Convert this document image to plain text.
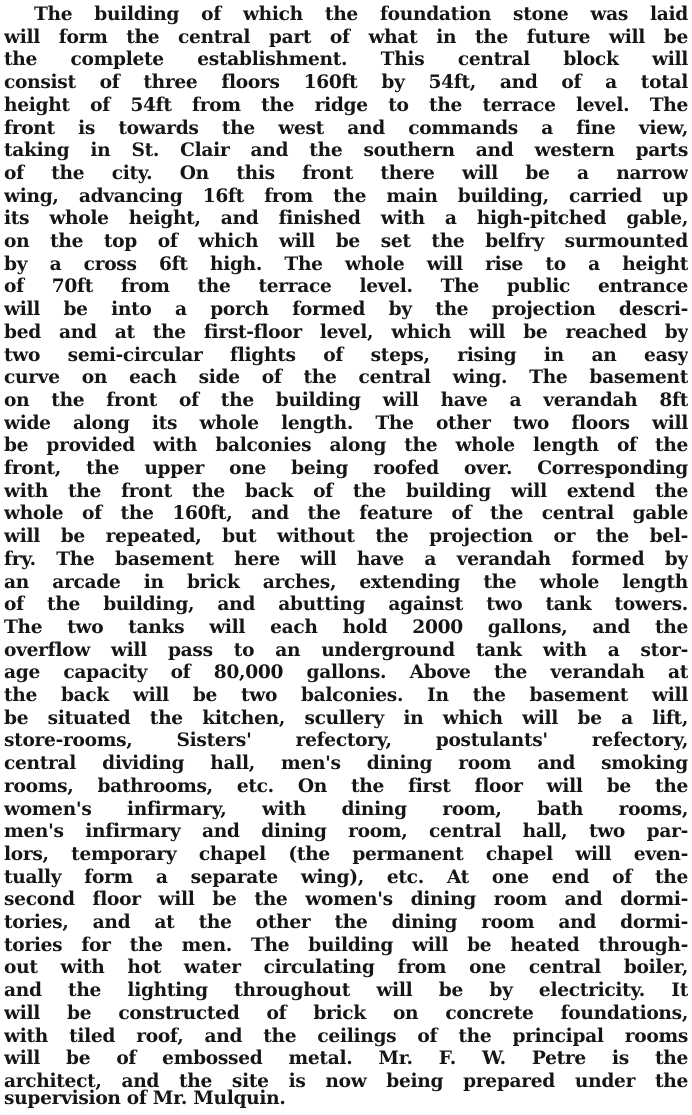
The building of which the foundation stone was laid
will form the central part of what in the future will be
the complete establishment. This central block will
consist of three floors 160ft by 54ft, and of a total
height of 54ft from the ridge to the terrace level. The
front is towards the west and commands a fine view,
taking in St. Clair and the southern and western parts
of the city. On this front there will be a narrow
wing, advancing 16ft from the main building, carried up
its whole height, and finished with a high-pitched gable,
on the top of which will be set the belfry surmounted
by a cross 6ft high. The whole will rise to a height
of 70ft from the terrace level. The public entrance
will be into a porch formed by the projection descri-
bed and at the first-floor level, which will be reached by
two semi-circular flights of steps, rising in an easy
curve on each side of the central wing. The basement
on the front of the building will have a verandah 8ft
wide along its whole length. The other two floors will
be provided with balconies along the whole length of the
front, the upper one being roofed over. Corresponding
with the front the back of the building will extend the
whole of the 160ft, and the feature of the central gable
will be repeated, but without the projection or the bel-
fry. The basement here will have a verandah formed by
an arcade in brick arches, extending the whole length
of the building, and abutting against two tank towers.
The two tanks will each hold 2000 gallons, and the
overflow will pass to an underground tank with a stor-
age capacity of 80,000 gallons. Above the verandah at
the back will be two balconies. In the basement will
be situated the kitchen, scullery in which will be a lift,
store-rooms, Sisters' refectory, postulants' refectory,
central dividing hall, men's dining room and smoking
rooms, bathrooms, etc. On the first floor will be the
women's infirmary, with dining room, bath rooms,
men's infirmary and dining room, central hall, two par-
lors, temporary chapel (the permanent chapel will even-
tually form a separate wing), etc. At one end of the
second floor will be the women's dining room and dormi-
tories, and at the other the dining room and dormi-
tories for the men. The building will be heated through-
out with hot water circulating from one central boiler,
and the lighting throughout will be by electricity. It
will be constructed of brick on concrete foundations,
with tiled roof, and the ceilings of the principal rooms
will be of embossed metal. Mr. F. W. Petre is the
architect, and the site is now being prepared under the
supervision of Mr. Mulquin.
